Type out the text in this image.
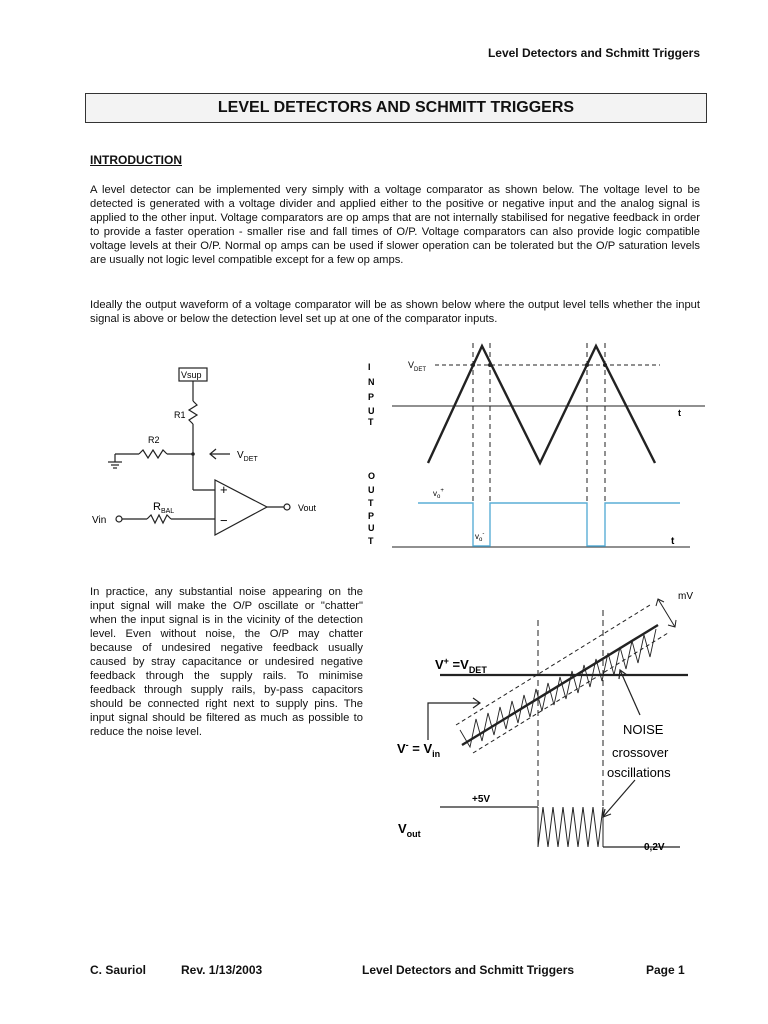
Level Detectors and Schmitt Triggers
LEVEL DETECTORS AND SCHMITT TRIGGERS
INTRODUCTION
A level detector can be implemented very simply with a voltage comparator as shown below. The voltage level to be detected is generated with a voltage divider and applied either to the positive or negative input and the analog signal is applied to the other input. Voltage comparators are op amps that are not internally stabilised for negative feedback in order to provide a faster operation - smaller rise and fall times of O/P. Voltage comparators can also provide logic compatible voltage levels at their O/P. Normal op amps can be used if slower operation can be tolerated but the O/P saturation levels are usually not logic level compatible except for a few op amps.
Ideally the output waveform of a voltage comparator will be as shown below where the output level tells whether the input signal is above or below the detection level set up at one of the comparator inputs.
Vsup
R1
R2
$V_{DET}$
$R_{BAL}$
+
−
Vin
Vout
I
N
P
U
T
O
U
T
P
U
T
$V_{DET}$
t
t
$v_o^+$
$v_o^-$
In practice, any substantial noise appearing on the input signal will make the O/P oscillate or "chatter" when the input signal is in the vicinity of the detection level. Even without noise, the O/P may chatter because of undesired negative feedback usually caused by stray capacitance or undesired negative feedback through the supply rails. To minimise feedback through supply rails, by-pass capacitors should be connected right next to supply pins. The input signal should be filtered as much as possible to reduce the noise level.
mV
$V^+ =V_{DET}$
$V^- = V_{in}$
NOISE
crossover
oscillations
+5V
$V_{out}$
0,2V
C. Sauriol	Rev. 1/13/2003	Level Detectors and Schmitt Triggers	Page 1
